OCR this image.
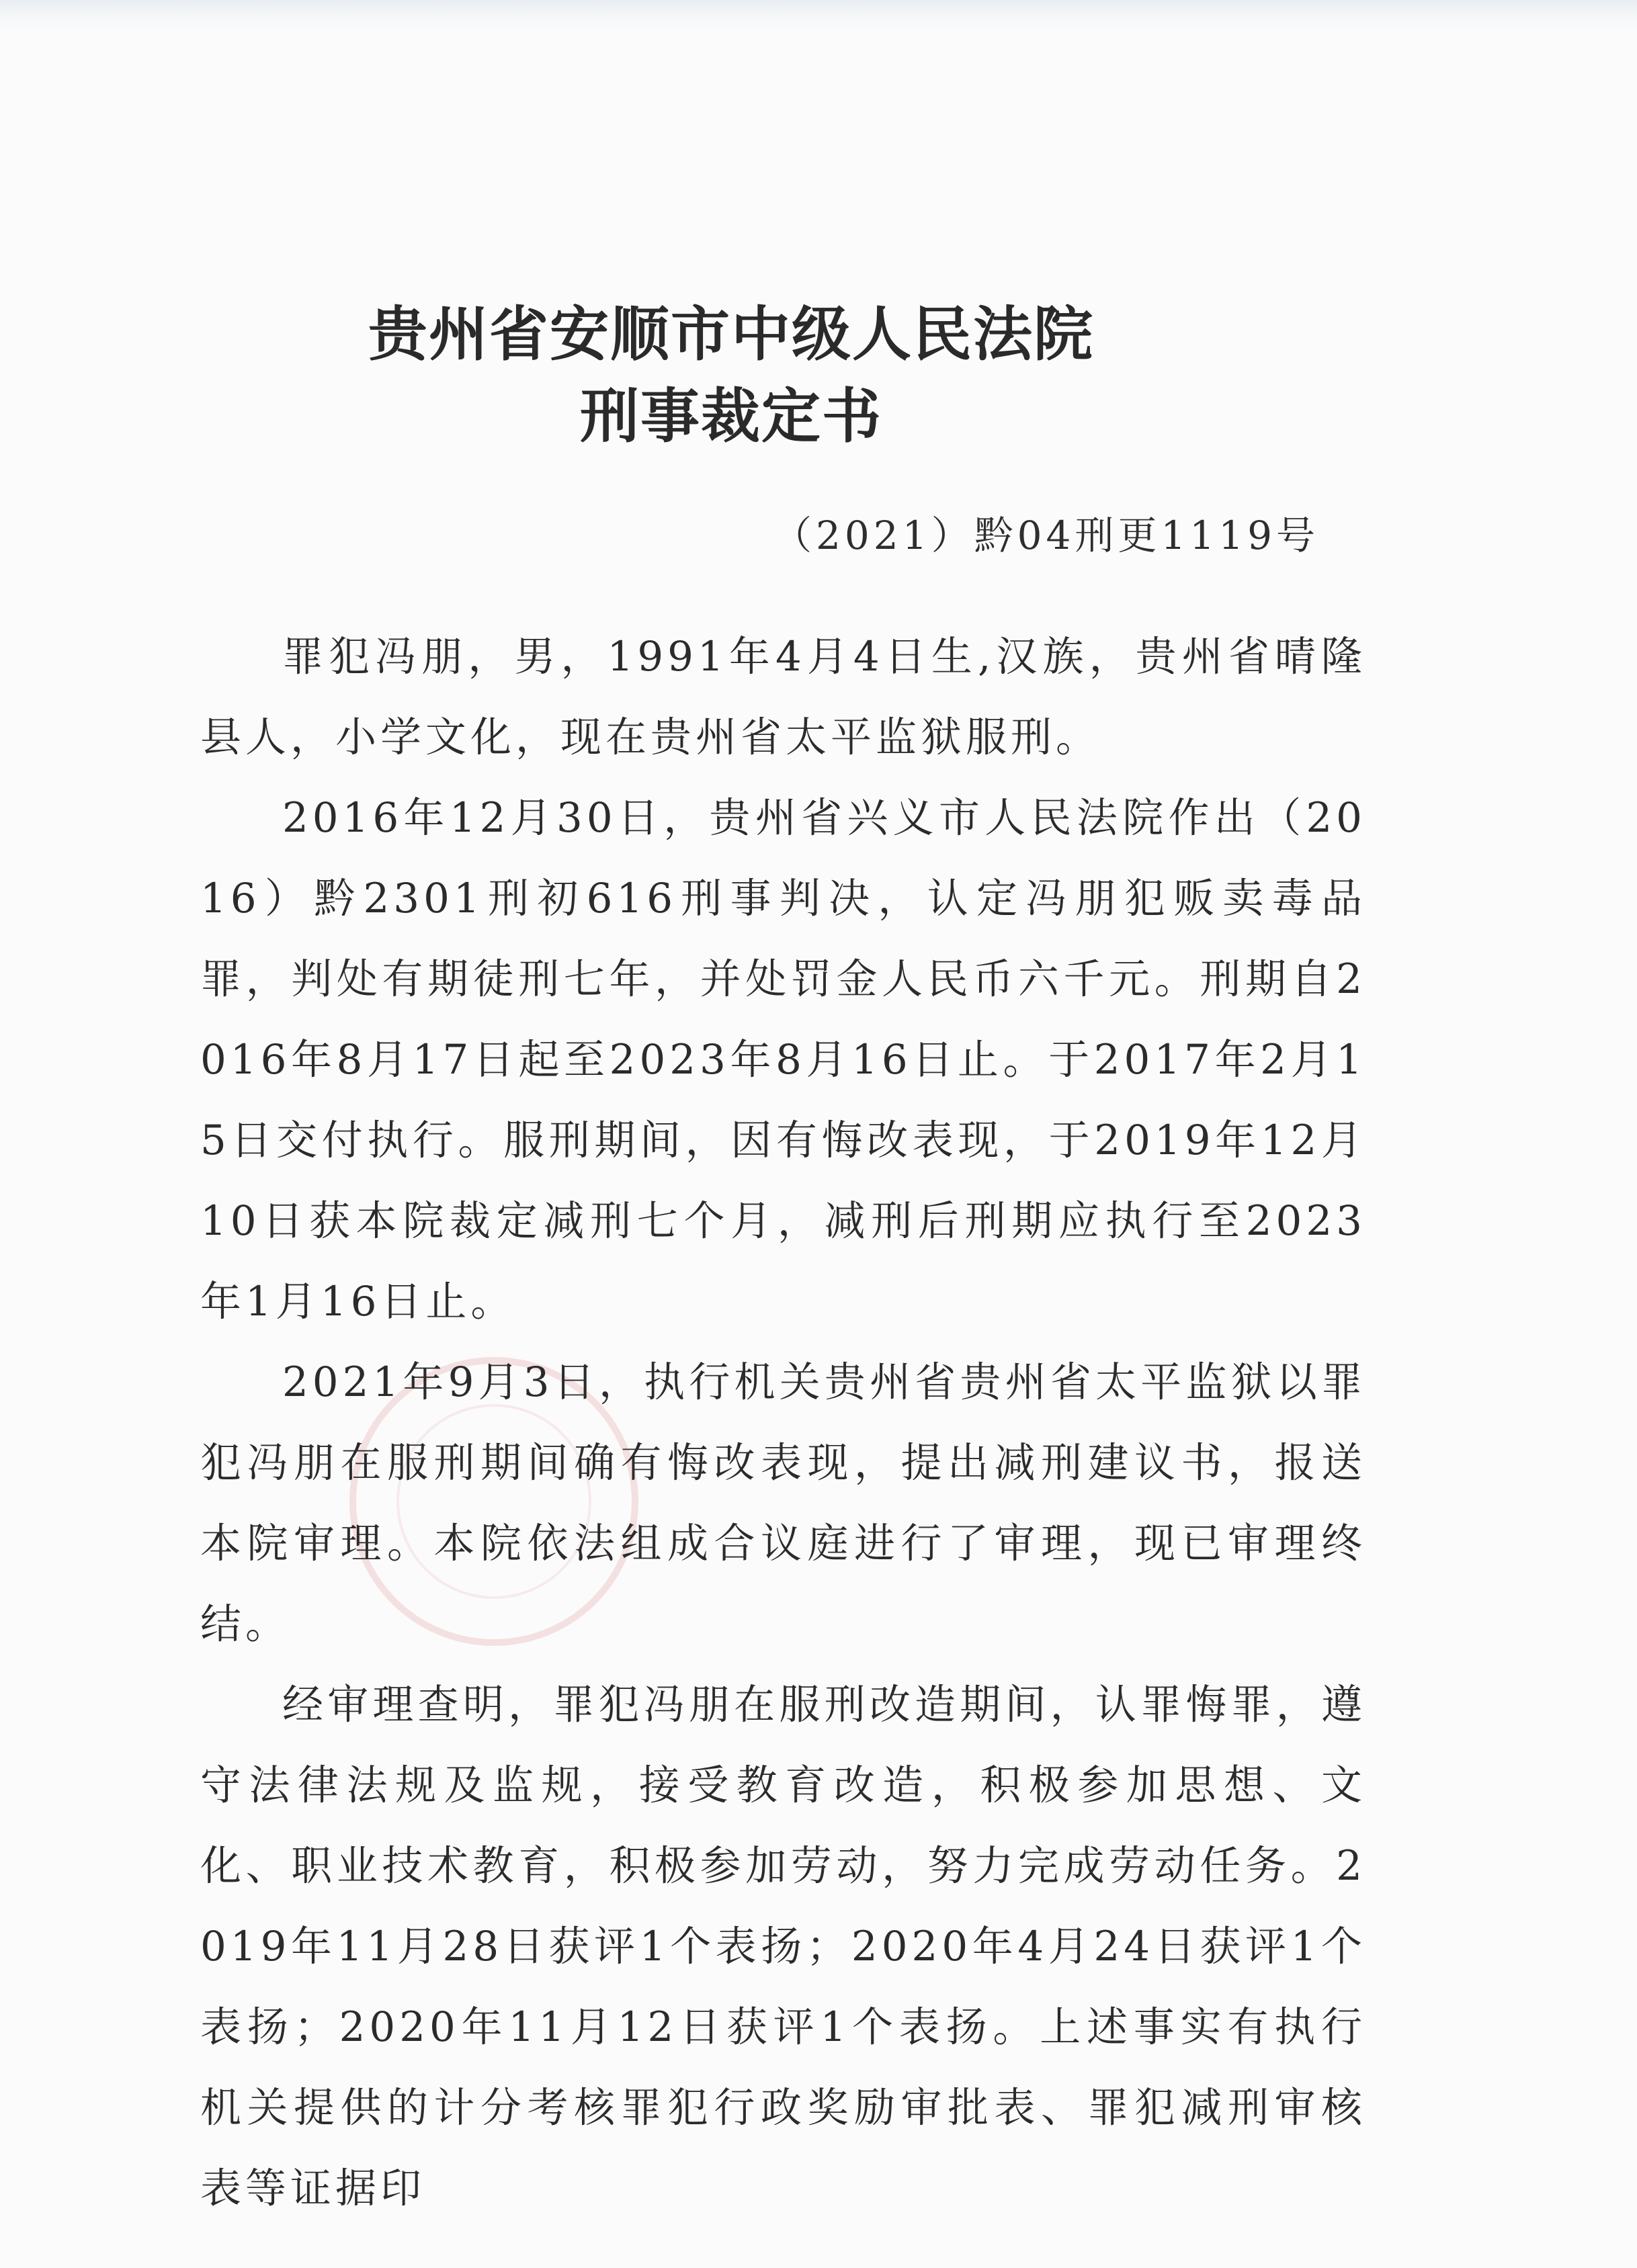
贵州省安顺市中级人民法院
刑事裁定书

（2021）黔04刑更1119号

罪犯冯朋，男，1991年4月4日生,汉族，贵州省晴隆县人，小学文化，现在贵州省太平监狱服刑。

2016年12月30日，贵州省兴义市人民法院作出（2016）黔2301刑初616刑事判决，认定冯朋犯贩卖毒品罪，判处有期徒刑七年，并处罚金人民币六千元。刑期自2016年8月17日起至2023年8月16日止。于2017年2月15日交付执行。服刑期间，因有悔改表现，于2019年12月10日获本院裁定减刑七个月，减刑后刑期应执行至2023年1月16日止。

2021年9月3日，执行机关贵州省贵州省太平监狱以罪犯冯朋在服刑期间确有悔改表现，提出减刑建议书，报送本院审理。本院依法组成合议庭进行了审理，现已审理终结。

经审理查明，罪犯冯朋在服刑改造期间，认罪悔罪，遵守法律法规及监规，接受教育改造，积极参加思想、文化、职业技术教育，积极参加劳动，努力完成劳动任务。2019年11月28日获评1个表扬；2020年4月24日获评1个表扬；2020年11月12日获评1个表扬。上述事实有执行机关提供的计分考核罪犯行政奖励审批表、罪犯减刑审核表等证据印
